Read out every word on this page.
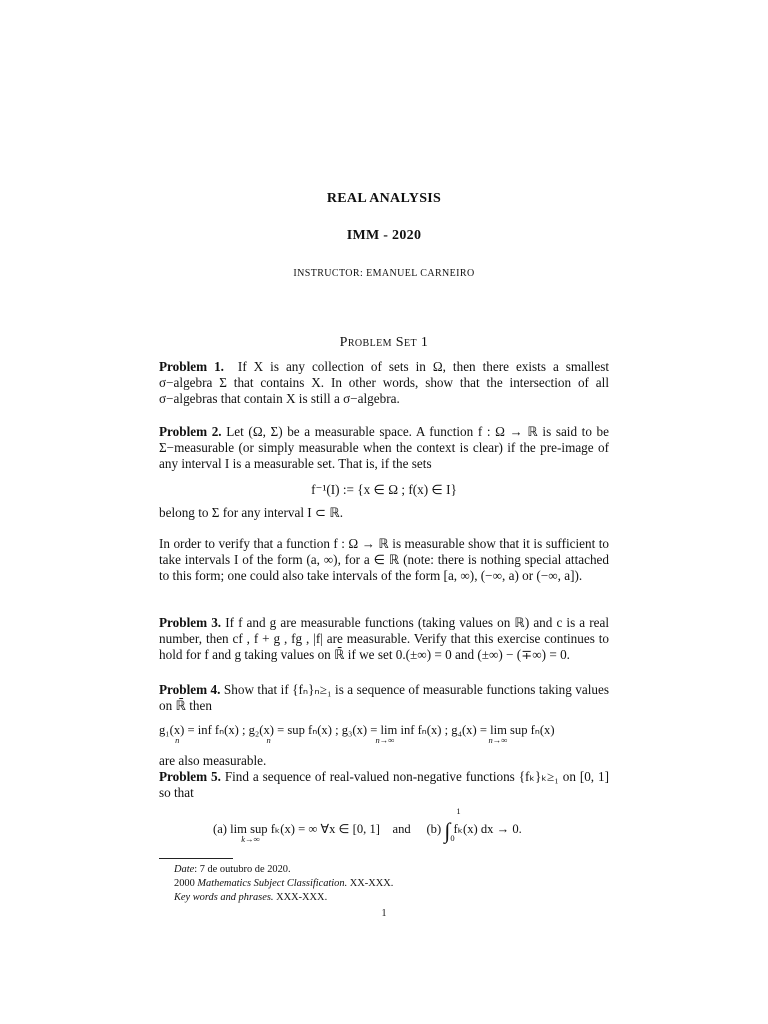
REAL ANALYSIS
IMM - 2020
INSTRUCTOR: EMANUEL CARNEIRO
Problem Set 1
Problem 1. If X is any collection of sets in Ω, then there exists a smallest
σ−algebra Σ that contains X. In other words, show that the intersection of all
σ−algebras that contain X is still a σ−algebra.
Problem 2. Let (Ω, Σ) be a measurable space. A function f : Ω → ℝ is said to be Σ−measurable (or simply measurable when the context is clear) if the pre-image of any interval I is a measurable set. That is, if the sets
f⁻¹(I) := {x ∈ Ω ; f(x) ∈ I}
belong to Σ for any interval I ⊂ ℝ.
In order to verify that a function f : Ω → ℝ is measurable show that it is sufficient to take intervals I of the form (a, ∞), for a ∈ ℝ (note: there is nothing special attached to this form; one could also take intervals of the form [a, ∞), (−∞, a) or (−∞, a]).
Problem 3. If f and g are measurable functions (taking values on ℝ) and c is a real number, then cf , f + g , fg , |f| are measurable. Verify that this exercise continues to hold for f and g taking values on ℝ̄ if we set 0.(±∞) = 0 and (±∞) − (∓∞) = 0.
Problem 4. Show that if {fₙ}ₙ≥₁ is a sequence of measurable functions taking values on ℝ̄ then
g₁(x) = inf fₙ(x) ;
n
g₂(x) = sup fₙ(x) ;
n
g₃(x) = lim inf fₙ(x) ;
n→∞
g₄(x) = lim sup fₙ(x)
n→∞
are also measurable.
Problem 5. Find a sequence of real-valued non-negative functions {fₖ}ₖ≥₁ on [0, 1] so that
(a) lim sup fₖ(x) = ∞ ∀x ∈ [0, 1]
k→∞
and (b) ∫
1
0
fₖ(x) dx → 0.
Date: 7 de outubro de 2020.
2000 Mathematics Subject Classification. XX-XXX.
Key words and phrases. XXX-XXX.
1
